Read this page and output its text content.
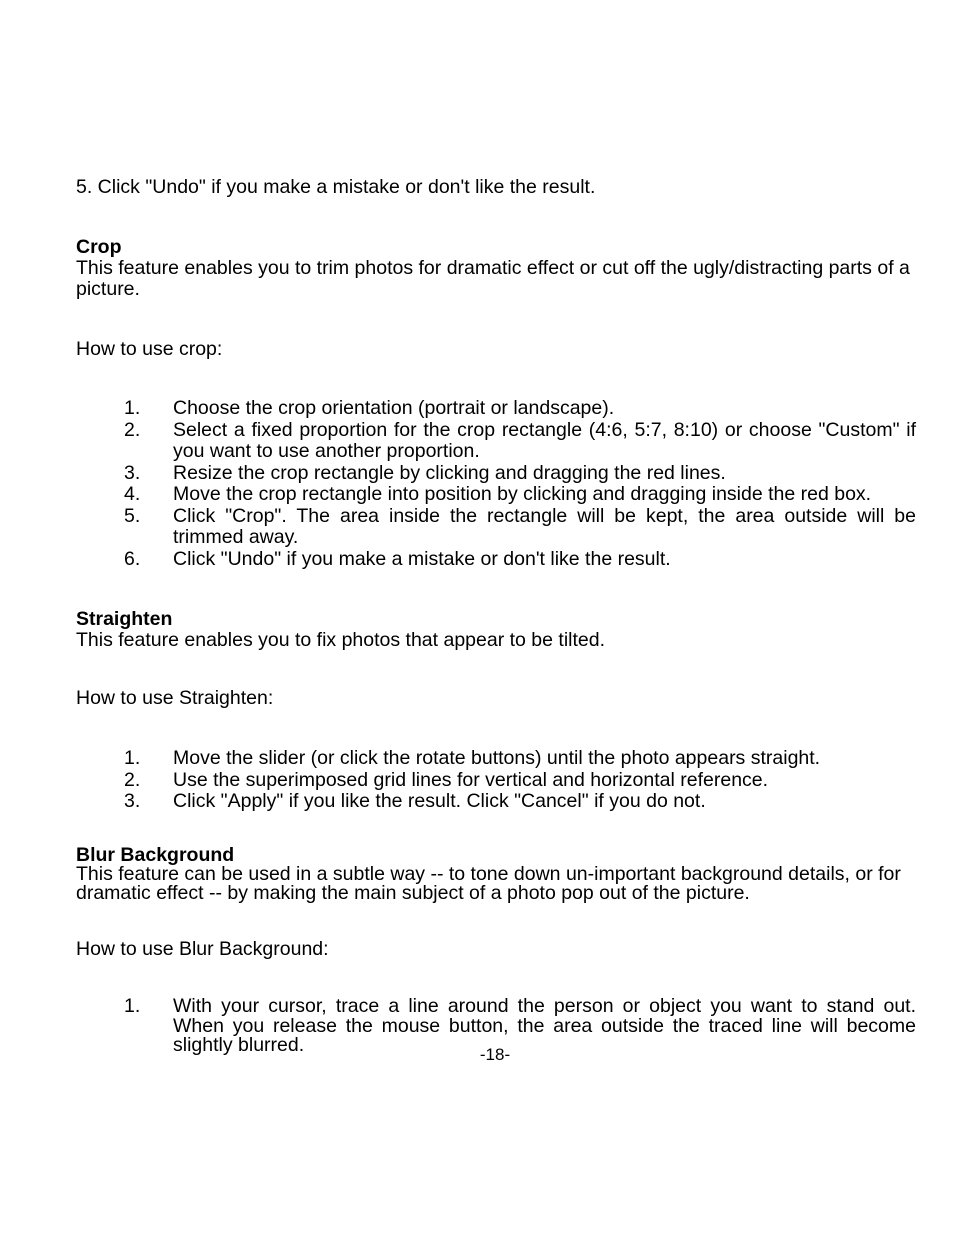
5. Click "Undo" if you make a mistake or don't like the result.
Crop
This feature enables you to trim photos for dramatic effect or cut off the ugly/distracting parts of a picture.
How to use crop:
1. Choose the crop orientation (portrait or landscape).
2. Select a fixed proportion for the crop rectangle (4:6, 5:7, 8:10) or choose "Custom" if you want to use another proportion.
3. Resize the crop rectangle by clicking and dragging the red lines.
4. Move the crop rectangle into position by clicking and dragging inside the red box.
5. Click "Crop". The area inside the rectangle will be kept, the area outside will be trimmed away.
6. Click "Undo" if you make a mistake or don't like the result.
Straighten
This feature enables you to fix photos that appear to be tilted.
How to use Straighten:
1. Move the slider (or click the rotate buttons) until the photo appears straight.
2. Use the superimposed grid lines for vertical and horizontal reference.
3. Click "Apply" if you like the result. Click "Cancel" if you do not.
Blur Background
This feature can be used in a subtle way -- to tone down un-important background details, or for dramatic effect -- by making the main subject of a photo pop out of the picture.
How to use Blur Background:
1. With your cursor, trace a line around the person or object you want to stand out. When you release the mouse button, the area outside the traced line will become slightly blurred.	-18-
